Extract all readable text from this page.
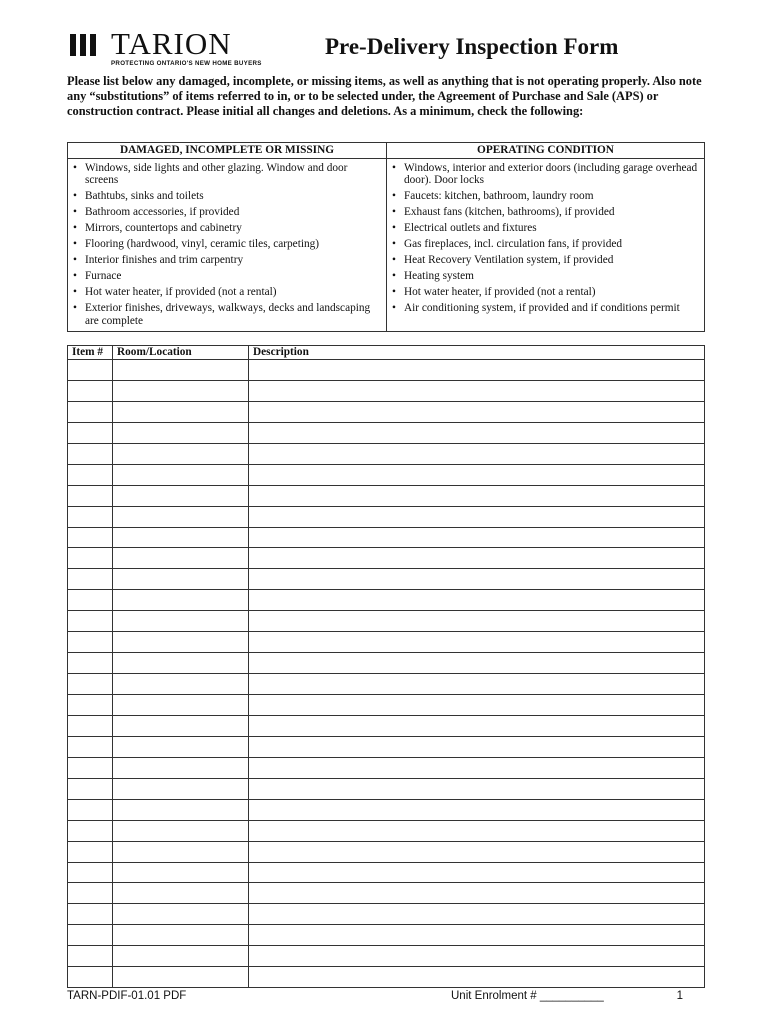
TARION
PROTECTING ONTARIO'S NEW HOME BUYERS
Pre-Delivery Inspection Form

Please list below any damaged, incomplete, or missing items, as well as anything that is not operating properly. Also note any “substitutions” of items referred to in, or to be selected under, the Agreement of Purchase and Sale (APS) or construction contract. Please initial all changes and deletions. As a minimum, check the following:

DAMAGED, INCOMPLETE OR MISSING
• Windows, side lights and other glazing. Window and door screens
• Bathtubs, sinks and toilets
• Bathroom accessories, if provided
• Mirrors, countertops and cabinetry
• Flooring (hardwood, vinyl, ceramic tiles, carpeting)
• Interior finishes and trim carpentry
• Furnace
• Hot water heater, if provided (not a rental)
• Exterior finishes, driveways, walkways, decks and landscaping are complete
OPERATING CONDITION
• Windows, interior and exterior doors (including garage overhead door). Door locks
• Faucets: kitchen, bathroom, laundry room
• Exhaust fans (kitchen, bathrooms), if provided
• Electrical outlets and fixtures
• Gas fireplaces, incl. circulation fans, if provided
• Heat Recovery Ventilation system, if provided
• Heating system
• Hot water heater, if provided (not a rental)
• Air conditioning system, if provided and if conditions permit
Item #	Room/Location	Description

TARN-PDIF-01.01 PDF	Unit Enrolment # __________	1
